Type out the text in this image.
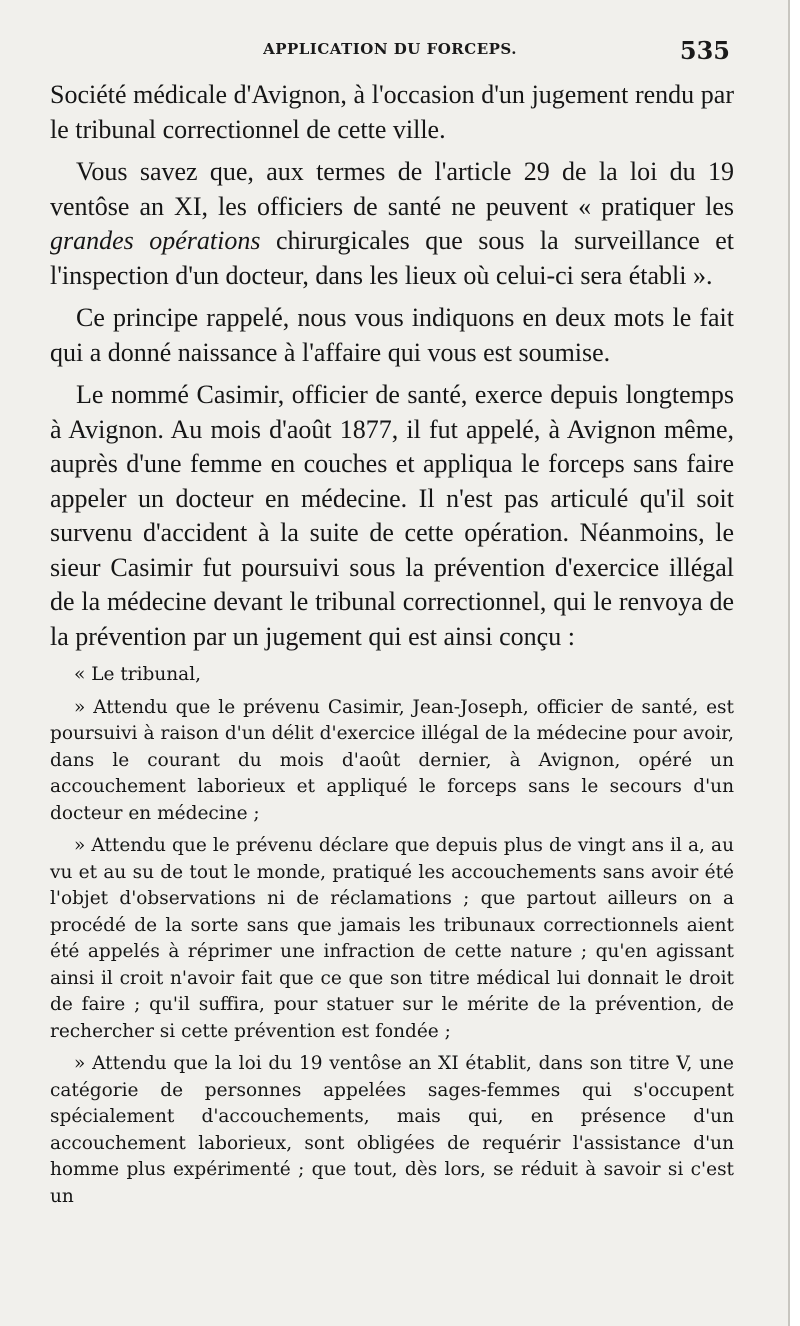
APPLICATION DU FORCEPS.	535

Société médicale d'Avignon, à l'occasion d'un jugement rendu par le tribunal correctionnel de cette ville.

Vous savez que, aux termes de l'article 29 de la loi du 19 ventôse an XI, les officiers de santé ne peuvent « pratiquer les grandes opérations chirurgicales que sous la surveillance et l'inspection d'un docteur, dans les lieux où celui-ci sera établi ».

Ce principe rappelé, nous vous indiquons en deux mots le fait qui a donné naissance à l'affaire qui vous est soumise.

Le nommé Casimir, officier de santé, exerce depuis longtemps à Avignon. Au mois d'août 1877, il fut appelé, à Avignon même, auprès d'une femme en couches et appliqua le forceps sans faire appeler un docteur en médecine. Il n'est pas articulé qu'il soit survenu d'accident à la suite de cette opération. Néanmoins, le sieur Casimir fut poursuivi sous la prévention d'exercice illégal de la médecine devant le tribunal correctionnel, qui le renvoya de la prévention par un jugement qui est ainsi conçu :

« Le tribunal,

» Attendu que le prévenu Casimir, Jean-Joseph, officier de santé, est poursuivi à raison d'un délit d'exercice illégal de la médecine pour avoir, dans le courant du mois d'août dernier, à Avignon, opéré un accouchement laborieux et appliqué le forceps sans le secours d'un docteur en médecine ;

» Attendu que le prévenu déclare que depuis plus de vingt ans il a, au vu et au su de tout le monde, pratiqué les accouchements sans avoir été l'objet d'observations ni de réclamations ; que partout ailleurs on a procédé de la sorte sans que jamais les tribunaux correctionnels aient été appelés à réprimer une infraction de cette nature ; qu'en agissant ainsi il croit n'avoir fait que ce que son titre médical lui donnait le droit de faire ; qu'il suffira, pour statuer sur le mérite de la prévention, de rechercher si cette prévention est fondée ;

» Attendu que la loi du 19 ventôse an XI établit, dans son titre V, une catégorie de personnes appelées sages-femmes qui s'occupent spécialement d'accouchements, mais qui, en présence d'un accouchement laborieux, sont obligées de requérir l'assistance d'un homme plus expérimenté ; que tout, dès lors, se réduit à savoir si c'est un
